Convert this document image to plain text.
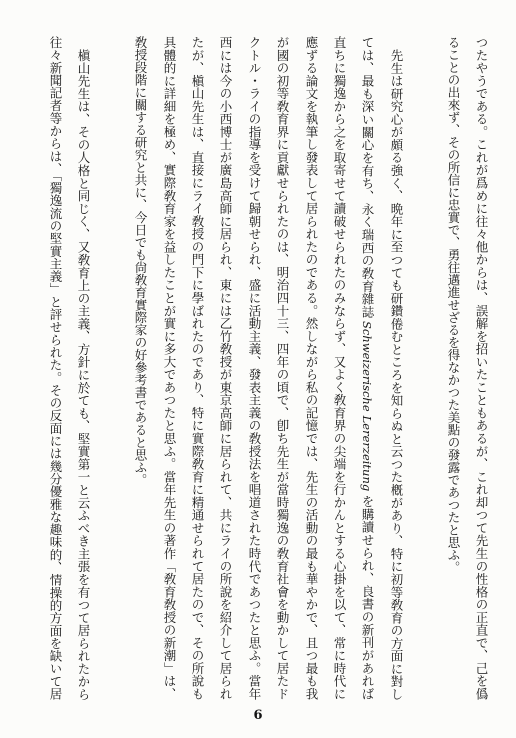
つたやうである。これが爲めに往々他からは、誤解を招いたこともあるが、これ却つて先生の性格の正直で、己を僞
ることの出來ず、その所信に忠實で、勇往邁進せざるを得なかつた美點の發露であつたと思ふ。
先生は研究心が頗る強く、晩年に至つても研鑽倦むところを知らぬと云つた槪があり、特に初等敎育の方面に對し
ては、最も深い關心を有ち、永く瑞西の敎育雜誌Schweizerische Lererzeitungを購讀せられ、良書の新刊があれば
直ちに獨逸から之を取寄せて讀破せられたのみならず、又よく敎育界の尖端を行かんとする心掛を以て、常に時代に
應ずる論文を執筆し發表して居られたのである。然しながら私の記憶では、先生の活動の最も華やかで、且つ最も我
が國の初等敎育界に貢獻せられたのは、明治四十三、四年の頃で、卽ち先生が當時獨逸の敎育社會を動かして居たド
クトル・ライの指導を受けて歸朝せられ、盛に活動主義、發表主義の敎授法を唱道された時代であつたと思ふ。當年
西には今の小西博士が廣島高師に居られ、東には乙竹敎授が東京高師に居られて、共にライの所說を紹介して居られ
たが、槇山先生は、直接にライ敎授の門下に學ばれたのであり、特に實際敎育に精通せられて居たので、その所說も
具體的に詳細を極め、實際敎育家を益したことが實に多大であつたと思ふ。當年先生の著作「敎育敎授の新潮」は、
敎授段階に關する研究と共に、今日でも尙敎育實際家の好參考書であると思ふ。
槇山先生は、その人格と同じく、又敎育上の主義、方針に於ても、堅實第一と云ふべき主張を有つて居られたから
往々新聞記者等からは、「獨逸流の堅實主義」と評せられた。その反面には幾分優雅な趣味的、情操的方面を缺いて居
6
